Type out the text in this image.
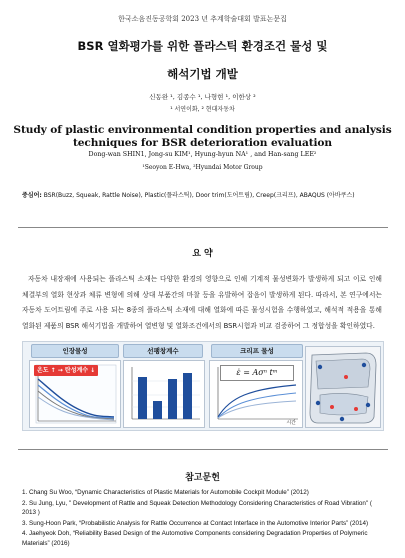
한국소음진동공학회 2023 년 추계학술대회 발표논문집
BSR 열화평가를 위한 플라스틱 환경조건 물성 및
해석기법 개발
신동완 ¹, 김종수 ¹, 나형현 ¹, 이한상 ²
¹ 서연이화, ² 현대자동차
Study of plastic environmental condition properties and analysis
techniques for BSR deterioration evaluation
Dong-wan SHIN1, Jong-su KIM¹, Hyung-hyun NA¹ , and Han-sang LEE²
¹Seoyon E-Hwa, ²Hyundai Motor Group
중심어: BSR(Buzz, Squeak, Rattle Noise), Plastic(플라스틱), Door trim(도어트림), Creep(크리프), ABAQUS (아바쿠스)
요 약
자동차 내장재에 사용되는 플라스틱 소재는 다양한 환경의 영향으로 인해 기계적 물성변화가 발생하게 되고 이로 인해 체결부의 열화 현상과 체류 변형에 의해 상대 부품간의 마찰 등을 유발하여 잡음이 발생하게 된다. 따라서, 본 연구에서는 자동차 도어트림에 주로 사용 되는 8종의 플라스틱 소재에 대해 열화에 따른 물성시험을 수행하였고, 해석적 적용을 통해 열화된 제품의 BSR 해석기법을 개발하여 열변형 및 열화조건에서의 BSR시험과 비교 검증하여 그 정합성을 확인하였다.
인장물성	선팽창계수	크리프 물성
온도 ↑ → 탄성계수 ↓	ε̇ = Aσⁿ tᵐ
시간
참고문헌
1. Chang Su Woo, “Dynamic Characteristics of Plastic Materials for Automobile Cockpit Module” (2012)
2. Su Jung, Lyu, " Development of Rattle and Squeak Detection Methodology Considering Characteristics of Road Vibration" ( 2013 )
3. Sung-Hoon Park, “Probabilistic Analysis for Rattle Occurrence at Contact Interface in the Automotive Interior Parts” (2014)
4. Jaehyeok Doh, “Reliability Based Design of the Automotive Components considering Degradation Properties of Polymeric Materials” (2016)
